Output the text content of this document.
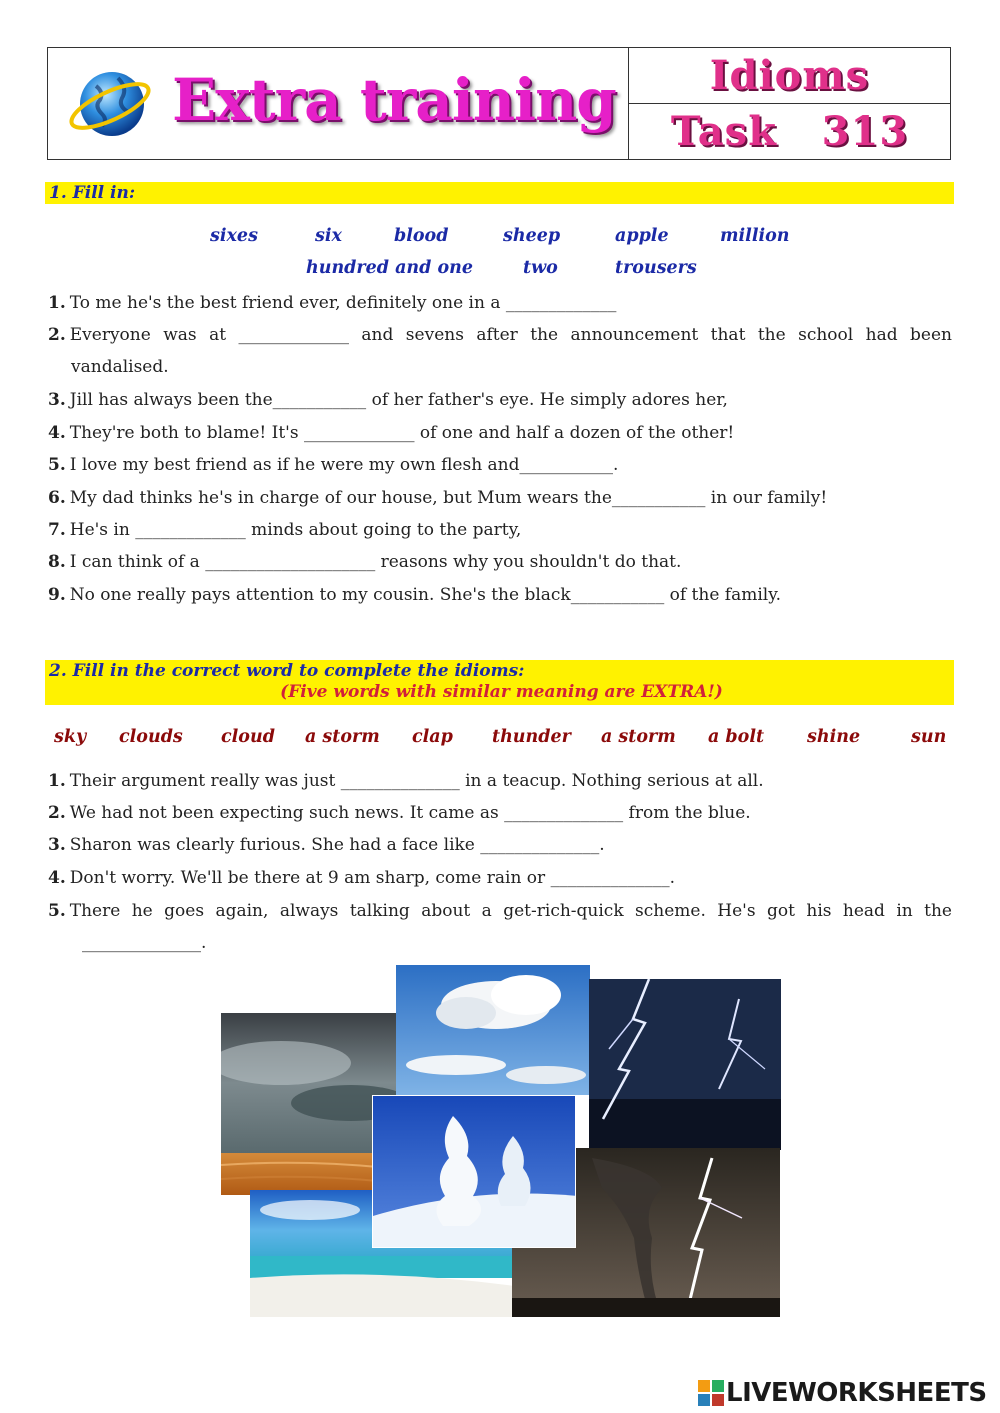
Extra training	Idioms
Task   313
1. Fill in:
sixes	six	blood	sheep	apple	million
hundred and one	two	trousers
1. To me he's the best friend ever, definitely one in a _____________
2. Everyone was at _____________ and sevens after the announcement that the school had been
vandalised.
3. Jill has always been the___________ of her father's eye. He simply adores her,
4. They're both to blame! It's _____________ of one and half a dozen of the other!
5. I love my best friend as if he were my own flesh and___________.
6. My dad thinks he's in charge of our house, but Mum wears the___________ in our family!
7. He's in _____________ minds about going to the party,
8. I can think of a ____________________ reasons why you shouldn't do that.
9. No one really pays attention to my cousin. She's the black___________ of the family.
2. Fill in the correct word to complete the idioms:
(Five words with similar meaning are EXTRA!)
sky clouds cloud a storm clap thunder a storm a bolt shine	sun
1. Their argument really was just ______________ in a teacup. Nothing serious at all.
2. We had not been expecting such news. It came as ______________ from the blue.
3. Sharon was clearly furious. She had a face like ______________.
4. Don't worry. We'll be there at 9 am sharp, come rain or ______________.
5. There he goes again, always talking about a get-rich-quick scheme. He's got his head in the
______________.
LIVEWORKSHEETS
